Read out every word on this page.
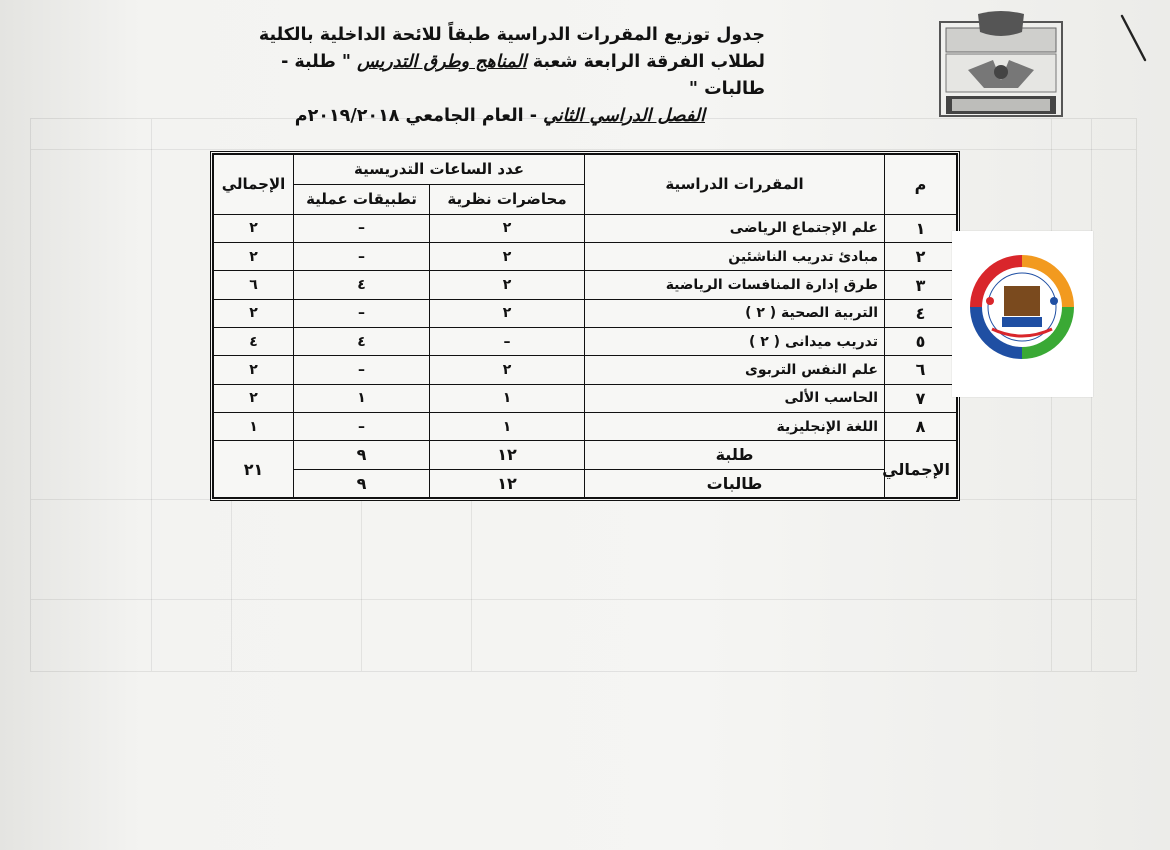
جدول توزيع المقررات الدراسية طبقاً للائحة الداخلية بالكلية
لطلاب الفرقة الرابعة شعبة المناهج وطرق التدريس " طلبة - طالبات "
الفصل الدراسي الثاني - العام الجامعي ٢٠١٩/٢٠١٨م
م	المقررات الدراسية	عدد الساعات التدريسية		الإجمالي
		محاضرات نظرية	تطبيقات عملية	
١	علم الإجتماع الرياضى	٢	–	٢
٢	مبادئ تدريب الناشئين	٢	–	٢
٣	طرق إدارة المنافسات الرياضية	٢	٤	٦
٤	التربية الصحية ( ٢ )	٢	–	٢
٥	تدريب ميدانى ( ٢ )	–	٤	٤
٦	علم النفس التربوى	٢	–	٢
٧	الحاسب الألى	١	١	٢
٨	اللغة الإنجليزية	١	–	١
الإجمالي	طلبة	١٢	٩	٢١
	طالبات	١٢	٩	
